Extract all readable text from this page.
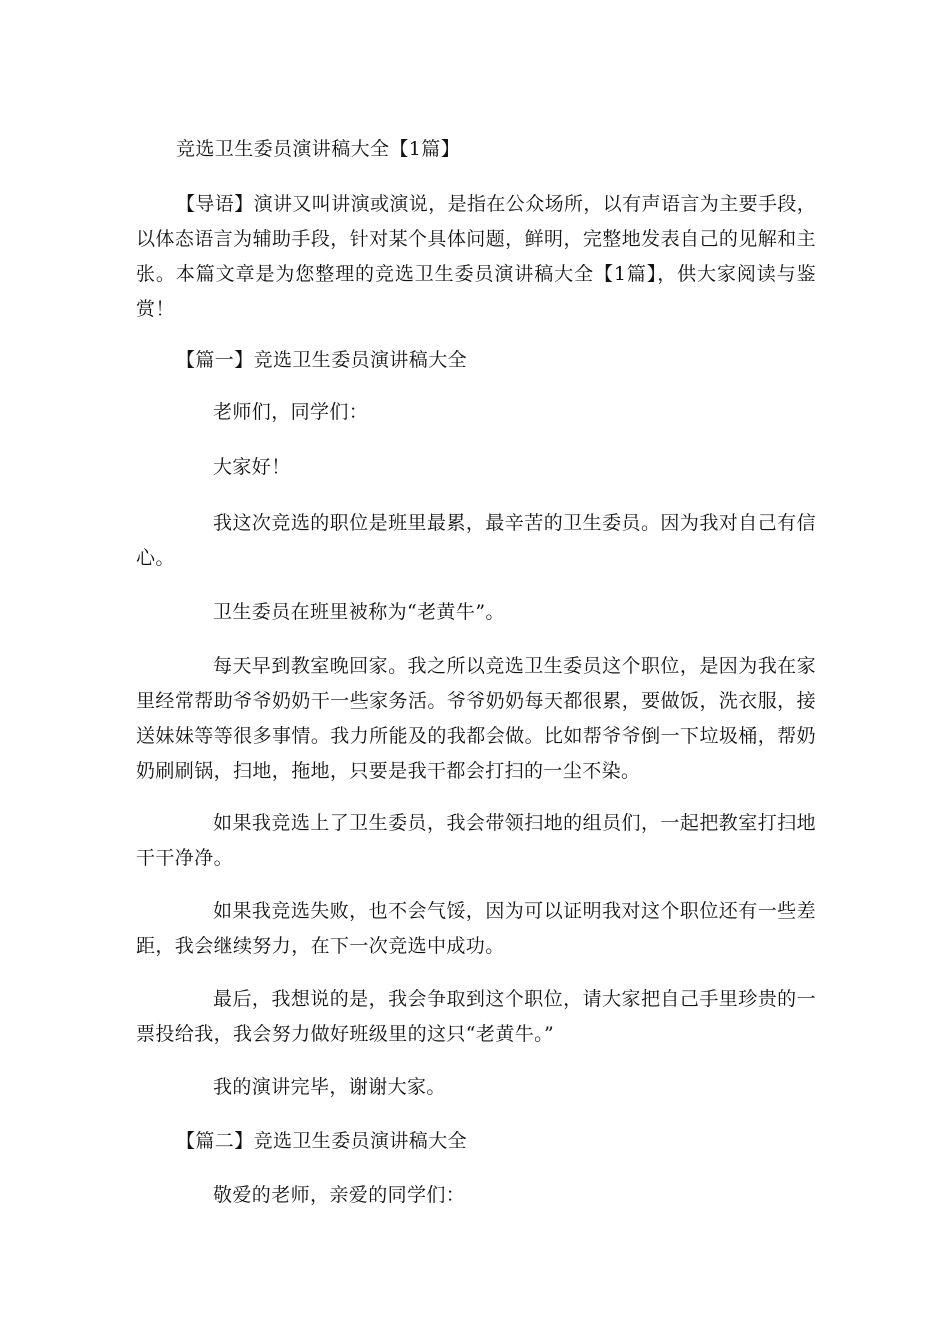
竞选卫生委员演讲稿大全【1篇】
【导语】演讲又叫讲演或演说，是指在公众场所，以有声语言为主要手段，
以体态语言为辅助手段，针对某个具体问题，鲜明，完整地发表自己的见解和主
张。本篇文章是为您整理的竞选卫生委员演讲稿大全【1篇】，供大家阅读与鉴
赏！
【篇一】竞选卫生委员演讲稿大全
老师们，同学们：
大家好！
我这次竞选的职位是班里最累，最辛苦的卫生委员。因为我对自己有信
心。
卫生委员在班里被称为“老黄牛”。
每天早到教室晚回家。我之所以竞选卫生委员这个职位，是因为我在家
里经常帮助爷爷奶奶干一些家务活。爷爷奶奶每天都很累，要做饭，洗衣服，接
送妹妹等等很多事情。我力所能及的我都会做。比如帮爷爷倒一下垃圾桶，帮奶
奶刷刷锅，扫地，拖地，只要是我干都会打扫的一尘不染。
如果我竞选上了卫生委员，我会带领扫地的组员们，一起把教室打扫地
干干净净。
如果我竞选失败，也不会气馁，因为可以证明我对这个职位还有一些差
距，我会继续努力，在下一次竞选中成功。
最后，我想说的是，我会争取到这个职位，请大家把自己手里珍贵的一
票投给我，我会努力做好班级里的这只“老黄牛。”
我的演讲完毕，谢谢大家。
【篇二】竞选卫生委员演讲稿大全
敬爱的老师，亲爱的同学们：
